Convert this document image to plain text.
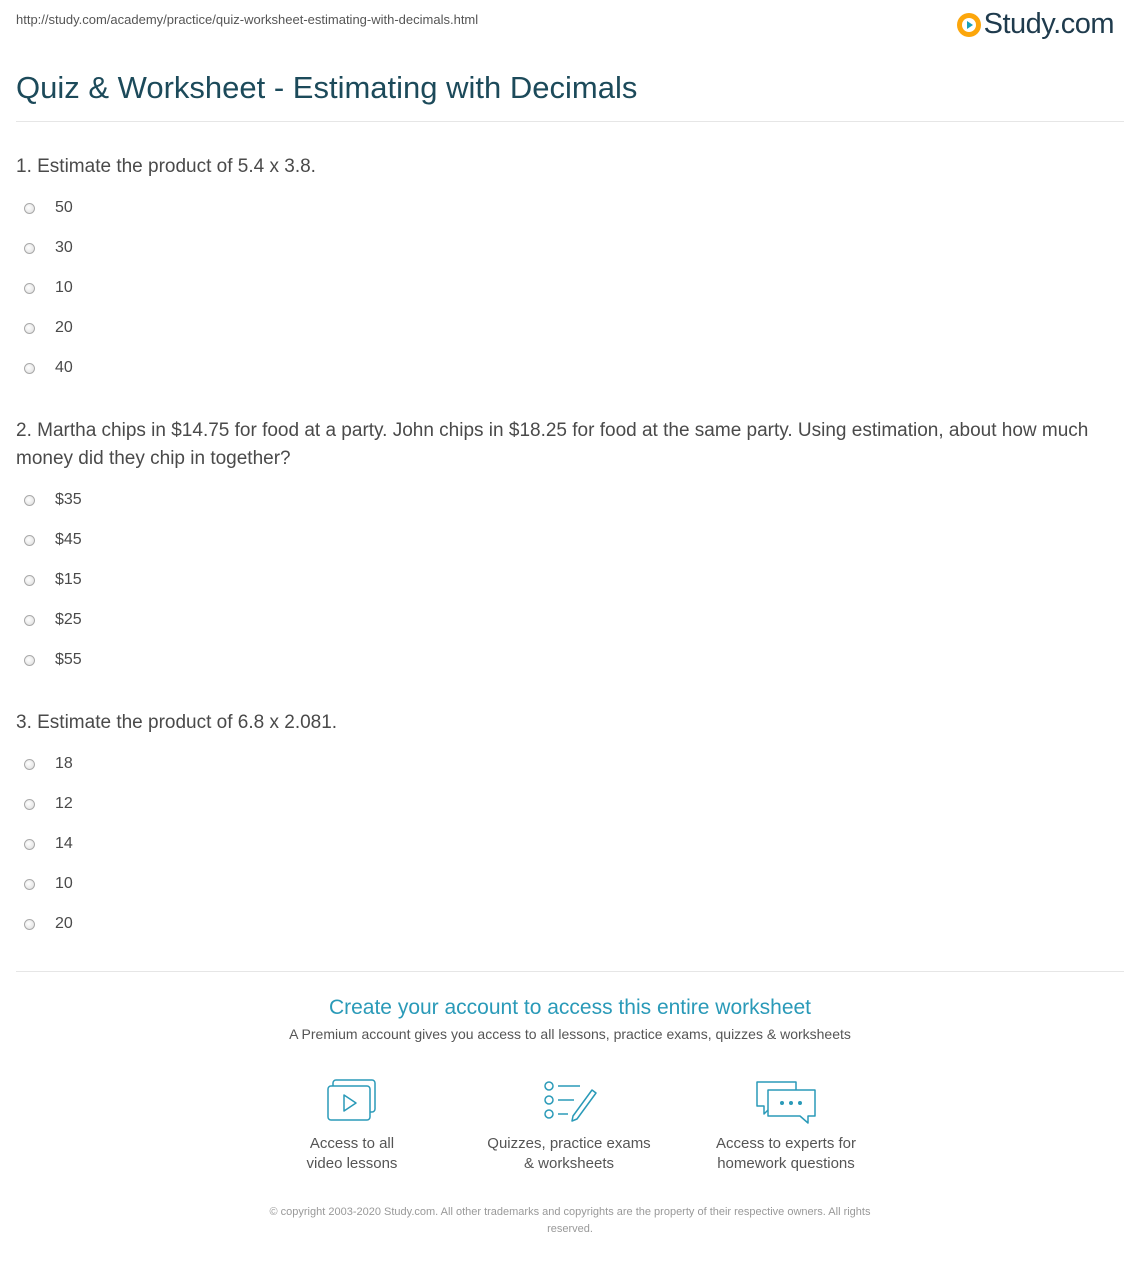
http://study.com/academy/practice/quiz-worksheet-estimating-with-decimals.html	Study.com
Quiz & Worksheet - Estimating with Decimals

1. Estimate the product of 5.4 x 3.8.

50
30
10
20
40

2. Martha chips in $14.75 for food at a party. John chips in $18.25 for food at the same party. Using estimation, about how much money did they chip in together?

$35
$45
$15
$25
$55

3. Estimate the product of 6.8 x 2.081.

18
12
14
10
20
Create your account to access this entire worksheet
A Premium account gives you access to all lessons, practice exams, quizzes & worksheets
Access to all
video lessons
Quizzes, practice exams
& worksheets
Access to experts for
homework questions
© copyright 2003-2020 Study.com. All other trademarks and copyrights are the property of their respective owners. All rights
reserved.
